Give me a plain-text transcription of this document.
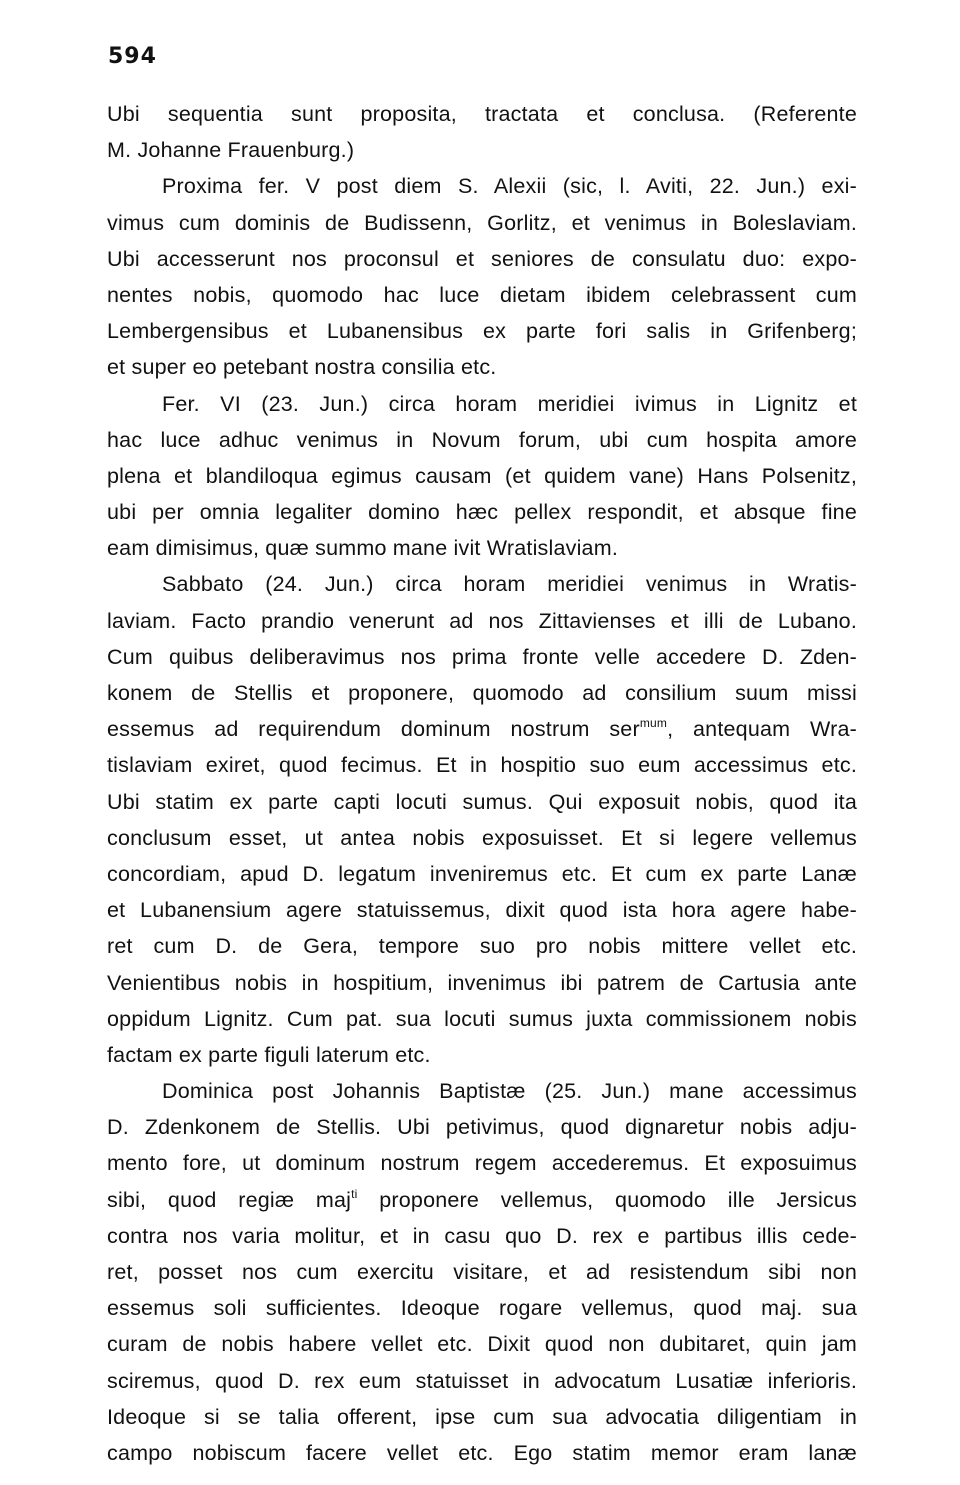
594
Ubi sequentia sunt proposita, tractata et conclusa. (Referente
M. Johanne Frauenburg.)
Proxima fer. V post diem S. Alexii (sic, l. Aviti, 22. Jun.) exi-
vimus cum dominis de Budissenn, Gorlitz, et venimus in Boleslaviam.
Ubi accesserunt nos proconsul et seniores de consulatu duo: expo-
nentes nobis, quomodo hac luce dietam ibidem celebrassent cum
Lembergensibus et Lubanensibus ex parte fori salis in Grifenberg;
et super eo petebant nostra consilia etc.
Fer. VI (23. Jun.) circa horam meridiei ivimus in Lignitz et
hac luce adhuc venimus in Novum forum, ubi cum hospita amore
plena et blandiloqua egimus causam (et quidem vane) Hans Polsenitz,
ubi per omnia legaliter domino hæc pellex respondit, et absque fine
eam dimisimus, quæ summo mane ivit Wratislaviam.
Sabbato (24. Jun.) circa horam meridiei venimus in Wratis-
laviam. Facto prandio venerunt ad nos Zittavienses et illi de Lubano.
Cum quibus deliberavimus nos prima fronte velle accedere D. Zden-
konem de Stellis et proponere, quomodo ad consilium suum missi
essemus ad requirendum dominum nostrum ser$^{mum}$, antequam Wra-
tislaviam exiret, quod fecimus. Et in hospitio suo eum accessimus etc.
Ubi statim ex parte capti locuti sumus. Qui exposuit nobis, quod ita
conclusum esset, ut antea nobis exposuisset. Et si legere vellemus
concordiam, apud D. legatum inveniremus etc. Et cum ex parte Lanæ
et Lubanensium agere statuissemus, dixit quod ista hora agere habe-
ret cum D. de Gera, tempore suo pro nobis mittere vellet etc.
Venientibus nobis in hospitium, invenimus ibi patrem de Cartusia ante
oppidum Lignitz. Cum pat. sua locuti sumus juxta commissionem nobis
factam ex parte figuli laterum etc.
Dominica post Johannis Baptistæ (25. Jun.) mane accessimus
D. Zdenkonem de Stellis. Ubi petivimus, quod dignaretur nobis adju-
mento fore, ut dominum nostrum regem accederemus. Et exposuimus
sibi, quod regiæ maj$^{ti}$ proponere vellemus, quomodo ille Jersicus
contra nos varia molitur, et in casu quo D. rex e partibus illis cede-
ret, posset nos cum exercitu visitare, et ad resistendum sibi non
essemus soli sufficientes. Ideoque rogare vellemus, quod maj. sua
curam de nobis habere vellet etc. Dixit quod non dubitaret, quin jam
sciremus, quod D. rex eum statuisset in advocatum Lusatiæ inferioris.
Ideoque si se talia offerent, ipse cum sua advocatia diligentiam in
campo nobiscum facere vellet etc. Ego statim memor eram lanæ
